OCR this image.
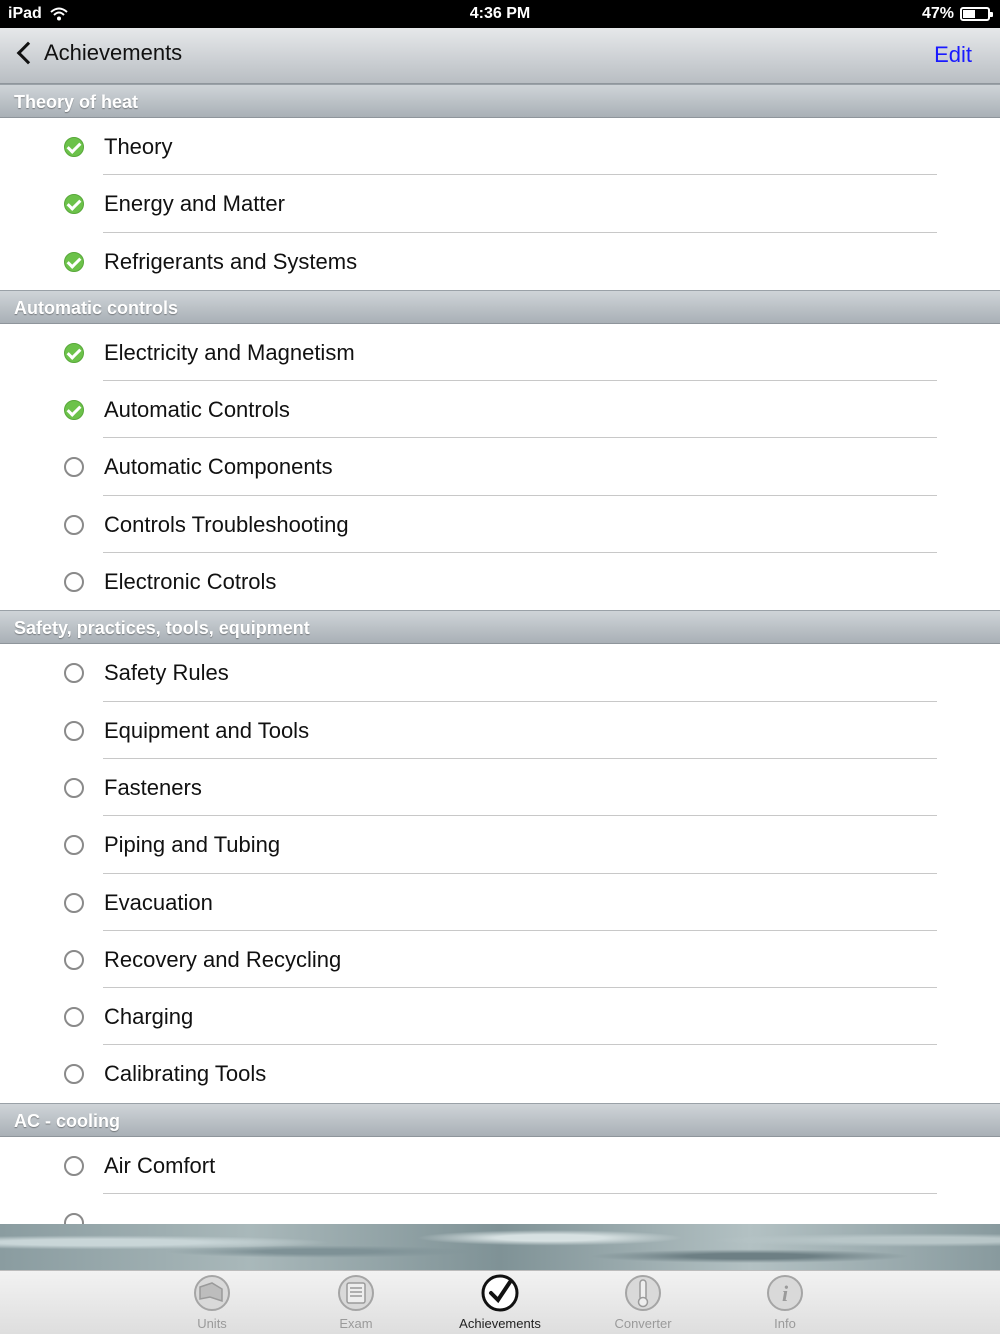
iPad	4:36 PM	47%
Achievements	Edit
Theory of heat
Theory
Energy and Matter
Refrigerants and Systems
Automatic controls
Electricity and Magnetism
Automatic Controls
Automatic Components
Controls Troubleshooting
Electronic Cotrols
Safety, practices, tools, equipment
Safety Rules
Equipment and Tools
Fasteners
Piping and Tubing
Evacuation
Recovery and Recycling
Charging
Calibrating Tools
AC - cooling
Air Comfort
Units	Exam	Achievements	Converter
i
Info
